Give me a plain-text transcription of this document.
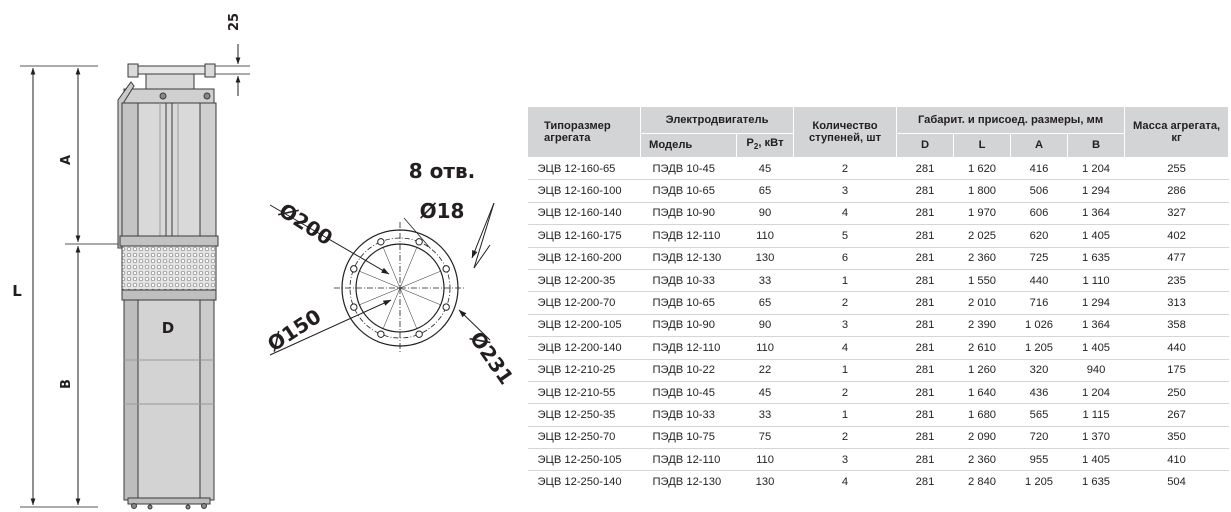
L
A
B
D
25
8 отв.
Ø18
Ø231
Ø200
Ø150
Типоразмер агрегата	Электродвигатель		Количество ступеней, шт	Габарит. и присоед. размеры, мм				Масса агрегата, кг
	Модель	$P_2$, кВт		D	L	A	B	
ЭЦВ 12-160-65	ПЭДВ 10-45	45	2	281	1 620	416	1 204	255
ЭЦВ 12-160-100	ПЭДВ 10-65	65	3	281	1 800	506	1 294	286
ЭЦВ 12-160-140	ПЭДВ 10-90	90	4	281	1 970	606	1 364	327
ЭЦВ 12-160-175	ПЭДВ 12-110	110	5	281	2 025	620	1 405	402
ЭЦВ 12-160-200	ПЭДВ 12-130	130	6	281	2 360	725	1 635	477
ЭЦВ 12-200-35	ПЭДВ 10-33	33	1	281	1 550	440	1 110	235
ЭЦВ 12-200-70	ПЭДВ 10-65	65	2	281	2 010	716	1 294	313
ЭЦВ 12-200-105	ПЭДВ 10-90	90	3	281	2 390	1 026	1 364	358
ЭЦВ 12-200-140	ПЭДВ 12-110	110	4	281	2 610	1 205	1 405	440
ЭЦВ 12-210-25	ПЭДВ 10-22	22	1	281	1 260	320	940	175
ЭЦВ 12-210-55	ПЭДВ 10-45	45	2	281	1 640	436	1 204	250
ЭЦВ 12-250-35	ПЭДВ 10-33	33	1	281	1 680	565	1 115	267
ЭЦВ 12-250-70	ПЭДВ 10-75	75	2	281	2 090	720	1 370	350
ЭЦВ 12-250-105	ПЭДВ 12-110	110	3	281	2 360	955	1 405	410
ЭЦВ 12-250-140	ПЭДВ 12-130	130	4	281	2 840	1 205	1 635	504
